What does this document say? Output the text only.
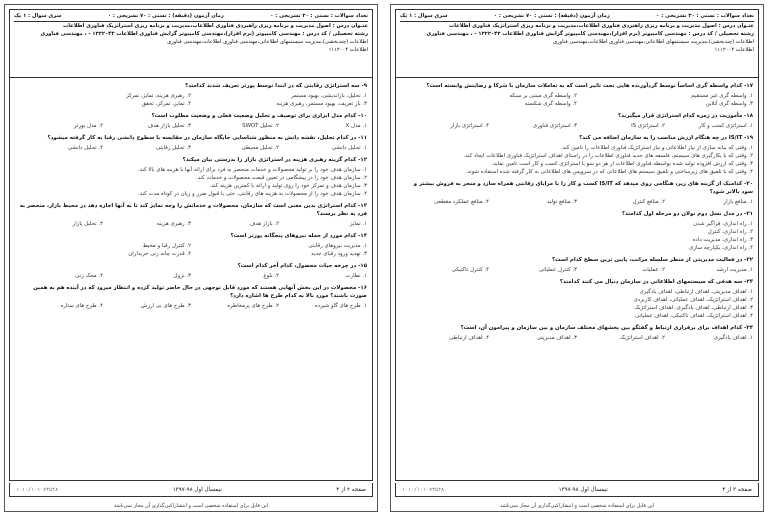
تعداد سوالات : تستی : ۳۰ تشریحی : ۰
زمان آزمون (دقیقه) : تستی : ۷۰ تشریحی : ۰
سری سوال : ۱ یک
عنـوان درس : اصول مدیریت و برنامه ریزی راهبردی فناوری اطلاعات،مدیریت و برنامه ریزی استراتژیک فناوری اطلاعات
رشته تحصیلی / کد درس : مهندسی کامپیوتر (نرم افزار)،مهندسی کامپیوتر گرایش فناوری اطلاعات ۱۳۲۲۰۴۳ - ، مهندسی فناوری
اطلاعات (چندبخشی)،مدیریت سیستمهای اطلاعاتی،مهندسی فناوری اطلاعات،مهندسی فناوری
اطلاعات ۱۱۱۲۰۰۴
۹- سه استراتژی رقابتی که در ابتدا توسط پورتر تعریف شدند کدامند؟
۱. تحلیل، بازاندیشی، بهبود مستمر
۲. رهبری هزینه، تمایز، تمرکز
۳. باز تعریف، بهبود مستمر، رهبری هزینه
۴. تمایز، تمرکز، تحقق
۱۰- کدام مدل ابزاری برای توصیف و تحلیل وضعیت فعلی و وضعیت مطلوب است؟
۱. مدل X
۲. تحلیل SWOT
۳. تحلیل بازار هدف
۴. مدل پورتر
۱۱- در کدام تحلیل، نقشه دانش به منظور شناسایی جایگاه سازمان در مقایسه با سطوح دانشی رقبا به کار گرفته میشود؟
۱. تحلیل دانشی
۲. تحلیل محیطی
۳. تحلیل رقابتی
۴. تحلیل دانشی
۱۲- کدام گزینه رهبری هزینه در استراتژی بازار را بدرستی بیان میکند؟
۱. سازمان هدف خود را بر تولید محصولات و خدمات منحصر به فرد برای ارائه آنها با هزینه های بالا کند.
۲. سازمان هدف خود را در پیشگامی در تعیین قیمت محصولات و خدمات کند.
۳. سازمان هدف و تمرکز خود را روی تولید و ارائه با کمترین هزینه کند.
۴. سازمان هدف خود را از محصولات به هزینه های رقابتی، حتی با قبول ضرر و زیان در کوتاه مدت کند.
۱۳- کدام استراتژی بدین معنی است که سازمان، محصولات و خدماتش را وجه تمایز کند تا به آنها اجازه دهد در محیط بازار، منحصر به فرد به نظر برسند؟
۱. تمایز
۲. بازار هدف
۳. رهبری هزینه
۴. تحلیل بازار
۱۴- کدام مورد از جمله نیروهای پنجگانه پورتر است؟
۱. مدیریت نیروهای رقابتی
۲. کنترل رقبا و محیط
۳. تهدید ورود رقبای جدید
۴. قدرت چانه زنی خریداران
۱۵- در چرخه حیات محصول، کدام آخر کدام است؟
۱. نطارت
۲. بلوغ
۳. نزول
۴. محک زنی
۱۶- محصولات در این بخش آنهایی هستند که مورد قابل توجهی در حال حاضر تولید کرده و انتظار میرود که در آینده هم به همین صورت باشند؟ مورد بالا به کدام طرح ها اشاره دارد؟
۱. طرح های گاو شیرده
۲. طرح های پرمخاطره
۳. طرح های بی ارزش
۴. طرح های ستاره
صفحه ۲ از ۴
نیمسال اول ۹۸-۱۳۹۷
۱۰۱۰/۱۰۱۰۷۳۵۲۸
این فایل برای استفاده شخصی است و انتشار/کپی‌گذاری آن مجاز نمی‌باشد
تعداد سوالات : تستی : ۳۰ تشریحی : ۰
زمان آزمون (دقیقه) : تستی : ۷۰ تشریحی : ۰
سری سوال : ۱ یک
عنـوان درس : اصول مدیریت و برنامه ریزی راهبردی فناوری اطلاعات،مدیریت و برنامه ریزی استراتژیک فناوری اطلاعات
رشته تحصیلی / کد درس : مهندسی کامپیوتر (نرم افزار)،مهندسی کامپیوتر گرایش فناوری اطلاعات ۱۳۲۲۰۴۳ - ، مهندسی فناوری
اطلاعات (چندبخشی)،مدیریت سیستمهای اطلاعاتی،مهندسی فناوری اطلاعات،مهندسی فناوری
اطلاعات ۱۱۱۲۰۰۴
۱۷- کدام واسطه گری اساساً توسط گردآورنده هایی تحت تاثیر است که به تعاملات سازمان با شرکا و رضایتش وابسته است؟
۱. واسطه گری غیر مستقیم
۲. واسطه گری مبتنی بر سبکه
۳. واسطه گری آنلاین
۴. واسطه گری شکسته
۱۸- مأموریت در زمره کدام استراتژی قرار میگیرند؟
۱. استراتژی کسب و کار
۲. استراتژی IS
۳. استراتژی فناوری
۴. استراتژی بازار
۱۹- IS/IT در چه هنگام ارزش مناسب را به سازمان اضافه می کند؟
۱. وقتی که بیانه سازی از نیاز اطلاعاتی و نیاز استراتژیک فناوری اطلاعات را تامین کند.
۲. وقتی که با بکارگیری های سیستم، فلسفه های جدید فناوری اطلاعات را در راستای اهداف استراتژیک فناوری اطلاعات ایجاد کند.
۳. وقتی که ارزش افزوده تولید شده بواسطه فناوری اطلاعات از هر دو سو با استراتژی کسب و کار است تامین نماید.
۴. وقتی که با تلفیق های زیرساختی و تلفیق سیستم های اطلاعاتی که در سرویس های اطلاعاتی به کار گرفته شده استفاده شوند.
۲۰- کدامیک از گزینه های زیر، هنگامی روی میدهد که IS/IT کسب و کار را با مزایای رقابتی همراه سازد و منجر به فروش بیشتر و سود بالاتر شود؟
۱. منافع بازار
۲. منافع کنترل
۳. منافع تولید
۴. منافع عملکرد مقطعی
۲۱- در مدل نسل دوم نولان دو مرحله اول کدامند؟
۱. راه اندازی، فراگیر شدن
۲. راه اندازی، کنترل
۳. راه اندازی، مدیریت داده
۴. راه اندازی، یکپارچه سازی
۲۲- در فعالیت مدیریتی از منظر سلسله مراتب، پایین ترین سطح کدام است؟
۱. مدیریت ارشد
۲. عملیات
۳. کنترل عملیاتی
۴. کنترل تاکتیکی
۲۳- سه هدفی که سیستمهای اطلاعاتی در سازمان دنبال می کنند کدامند؟
۱. اهداف مدیریتی، اهداف ارتباطی، اهداف یادگیری
۲. اهداف استراتژیک، اهداف عملیاتی، اهداف کاربردی
۳. اهداف ارتباطی، اهداف یادگیری، اهداف استراتژیک
۴. اهداف استراتژیک، اهداف تاکتیکی، اهداف عملیاتی
۲۴- کدام اهداف برای برقراری ارتباط و گفتگو بین بخشهای مختلف سازمان و بین سازمان و پیرامون آن، است؟
۱. اهداف یادگیری
۲. اهداف استراتژیک
۳. اهداف مدیریتی
۴. اهداف ارتباطی
صفحه ۳ از ۴
نیمسال اول ۹۸-۱۳۹۷
۱۰۱۰/۱۰۱۰۷۳۵۲۸
این فایل برای استفاده شخصی است و انتشار/کپی‌گذاری آن مجاز نمی‌باشد
